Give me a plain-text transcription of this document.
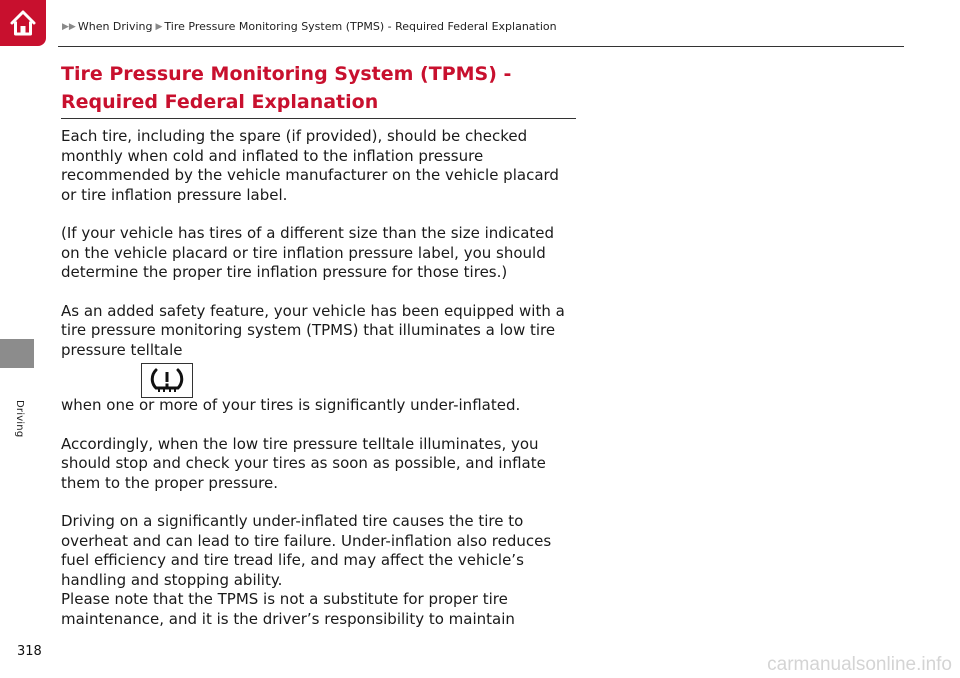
▶▶ When Driving ▶ Tire Pressure Monitoring System (TPMS) - Required Federal Explanation
Driving
Tire Pressure Monitoring System (TPMS) - Required Federal Explanation

Each tire, including the spare (if provided), should be checked monthly when cold and inflated to the inflation pressure recommended by the vehicle manufacturer on the vehicle placard or tire inflation pressure label.

(If your vehicle has tires of a different size than the size indicated on the vehicle placard or tire inflation pressure label, you should determine the proper tire inflation pressure for those tires.)

As an added safety feature, your vehicle has been equipped with a tire pressure monitoring system (TPMS) that illuminates a low tire pressure telltale

when one or more of your tires is significantly under-inflated.

Accordingly, when the low tire pressure telltale illuminates, you should stop and check your tires as soon as possible, and inflate them to the proper pressure.

Driving on a significantly under-inflated tire causes the tire to overheat and can lead to tire failure. Under-inflation also reduces fuel efficiency and tire tread life, and may affect the vehicle’s handling and stopping ability.

Please note that the TPMS is not a substitute for proper tire maintenance, and it is the driver’s responsibility to maintain

318
carmanualsonline.info
